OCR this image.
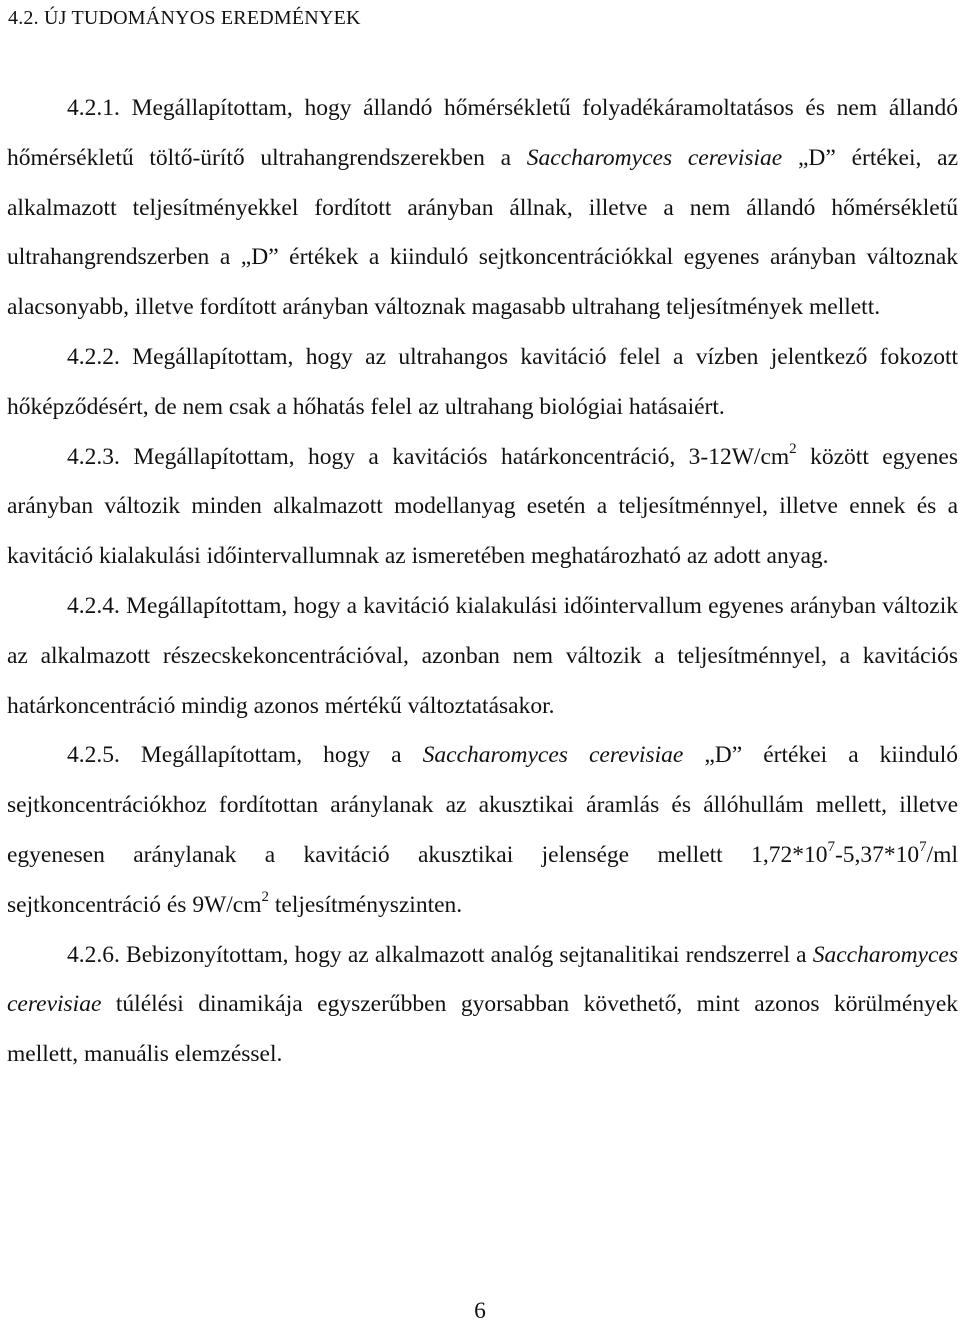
4.2. ÚJ TUDOMÁNYOS EREDMÉNYEK

4.2.1. Megállapítottam, hogy állandó hőmérsékletű folyadékáramoltatásos és nem állandó hőmérsékletű töltő-ürítő ultrahangrendszerekben a Saccharomyces cerevisiae „D” értékei, az alkalmazott teljesítményekkel fordított arányban állnak, illetve a nem állandó hőmérsékletű ultrahangrendszerben a „D” értékek a kiinduló sejtkoncentrációkkal egyenes arányban változnak alacsonyabb, illetve fordított arányban változnak magasabb ultrahang teljesítmények mellett.

4.2.2. Megállapítottam, hogy az ultrahangos kavitáció felel a vízben jelentkező fokozott hőképződésért, de nem csak a hőhatás felel az ultrahang biológiai hatásaiért.

4.2.3. Megállapítottam, hogy a kavitációs határkoncentráció, $3-12W/cm^2$ között egyenes arányban változik minden alkalmazott modellanyag esetén a teljesítménnyel, illetve ennek és a kavitáció kialakulási időintervallumnak az ismeretében meghatározható az adott anyag.

4.2.4. Megállapítottam, hogy a kavitáció kialakulási időintervallum egyenes arányban változik az alkalmazott részecskekoncentrációval, azonban nem változik a teljesítménnyel, a kavitációs határkoncentráció mindig azonos mértékű változtatásakor.

4.2.5. Megállapítottam, hogy a Saccharomyces cerevisiae „D” értékei a kiinduló sejtkoncentrációkhoz fordítottan aránylanak az akusztikai áramlás és állóhullám mellett, illetve egyenesen aránylanak a kavitáció akusztikai jelensége mellett $1,72*10^7-5,37*10^7/ml$ sejtkoncentráció és $9W/cm^2$ teljesítményszinten.

4.2.6. Bebizonyítottam, hogy az alkalmazott analóg sejtanalitikai rendszerrel a Saccharomyces cerevisiae túlélési dinamikája egyszerűbben gyorsabban követhető, mint azonos körülmények mellett, manuális elemzéssel.

6
